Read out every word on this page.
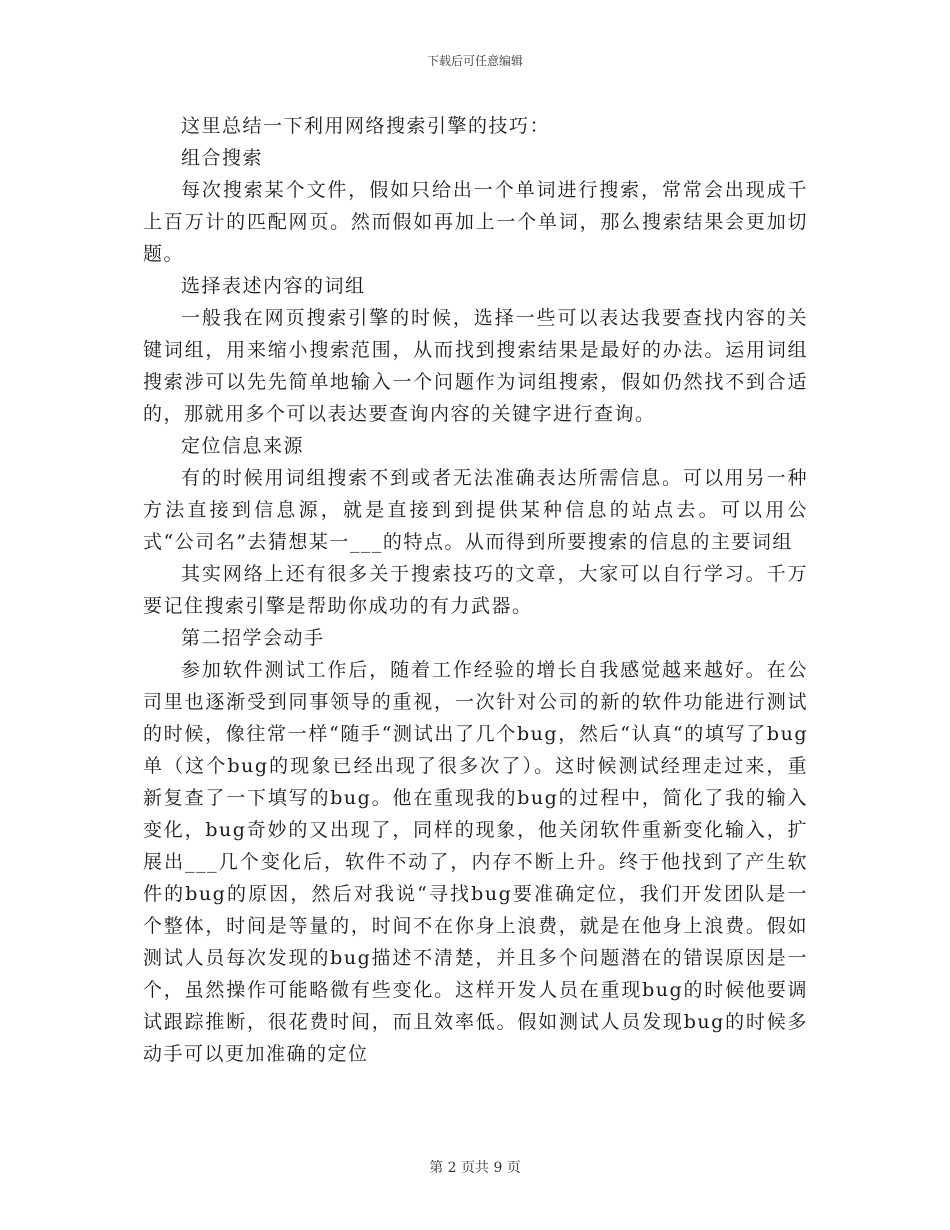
下载后可任意编辑

这里总结一下利用网络搜索引擎的技巧：

组合搜索

每次搜索某个文件，假如只给出一个单词进行搜索，常常会出现成千上百万计的匹配网页。然而假如再加上一个单词，那么搜索结果会更加切题。

选择表述内容的词组

一般我在网页搜索引擎的时候，选择一些可以表达我要查找内容的关键词组，用来缩小搜索范围，从而找到搜索结果是最好的办法。运用词组搜索涉可以先先简单地输入一个问题作为词组搜索，假如仍然找不到合适的，那就用多个可以表达要查询内容的关键字进行查询。

定位信息来源

有的时候用词组搜索不到或者无法准确表达所需信息。可以用另一种方法直接到信息源，就是直接到到提供某种信息的站点去。可以用公式“公司名”去猜想某一___的特点。从而得到所要搜索的信息的主要词组

其实网络上还有很多关于搜索技巧的文章，大家可以自行学习。千万要记住搜索引擎是帮助你成功的有力武器。

第二招学会动手

参加软件测试工作后，随着工作经验的增长自我感觉越来越好。在公司里也逐渐受到同事领导的重视，一次针对公司的新的软件功能进行测试的时候，像往常一样“随手“测试出了几个bug，然后“认真“的填写了bug单（这个bug的现象已经出现了很多次了）。这时候测试经理走过来，重新复查了一下填写的bug。他在重现我的bug的过程中，简化了我的输入变化，bug奇妙的又出现了，同样的现象，他关闭软件重新变化输入，扩展出___几个变化后，软件不动了，内存不断上升。终于他找到了产生软件的bug的原因，然后对我说“寻找bug要准确定位，我们开发团队是一个整体，时间是等量的，时间不在你身上浪费，就是在他身上浪费。假如测试人员每次发现的bug描述不清楚，并且多个问题潜在的错误原因是一个，虽然操作可能略微有些变化。这样开发人员在重现bug的时候他要调试跟踪推断，很花费时间，而且效率低。假如测试人员发现bug的时候多动手可以更加准确的定位

第 2 页共 9 页
